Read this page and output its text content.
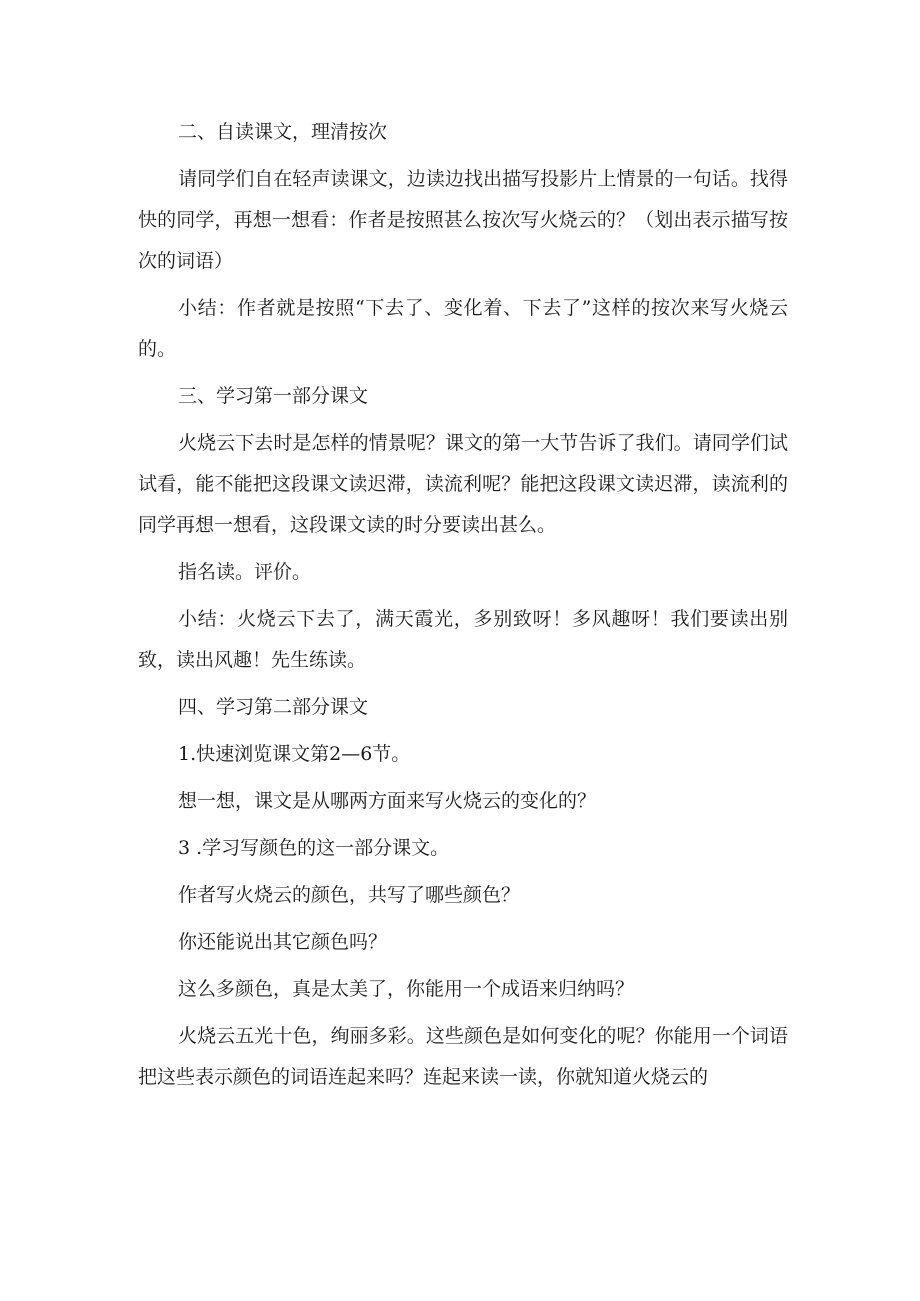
二、自读课文，理清按次

请同学们自在轻声读课文，边读边找出描写投影片上情景的一句话。找得快的同学，再想一想看：作者是按照甚么按次写火烧云的？（划出表示描写按次的词语）

小结：作者就是按照“下去了、变化着、下去了”这样的按次来写火烧云的。

三、学习第一部分课文

火烧云下去时是怎样的情景呢？课文的第一大节告诉了我们。请同学们试试看，能不能把这段课文读迟滞，读流利呢？能把这段课文读迟滞，读流利的同学再想一想看，这段课文读的时分要读出甚么。

指名读。评价。

小结：火烧云下去了，满天霞光，多别致呀！多风趣呀！我们要读出别致，读出风趣！先生练读。

四、学习第二部分课文

1.快速浏览课文第2—6节。

想一想，课文是从哪两方面来写火烧云的变化的？

3 .学习写颜色的这一部分课文。

作者写火烧云的颜色，共写了哪些颜色？

你还能说出其它颜色吗？

这么多颜色，真是太美了，你能用一个成语来归纳吗？

火烧云五光十色，绚丽多彩。这些颜色是如何变化的呢？你能用一个词语把这些表示颜色的词语连起来吗？连起来读一读，你就知道火烧云的
